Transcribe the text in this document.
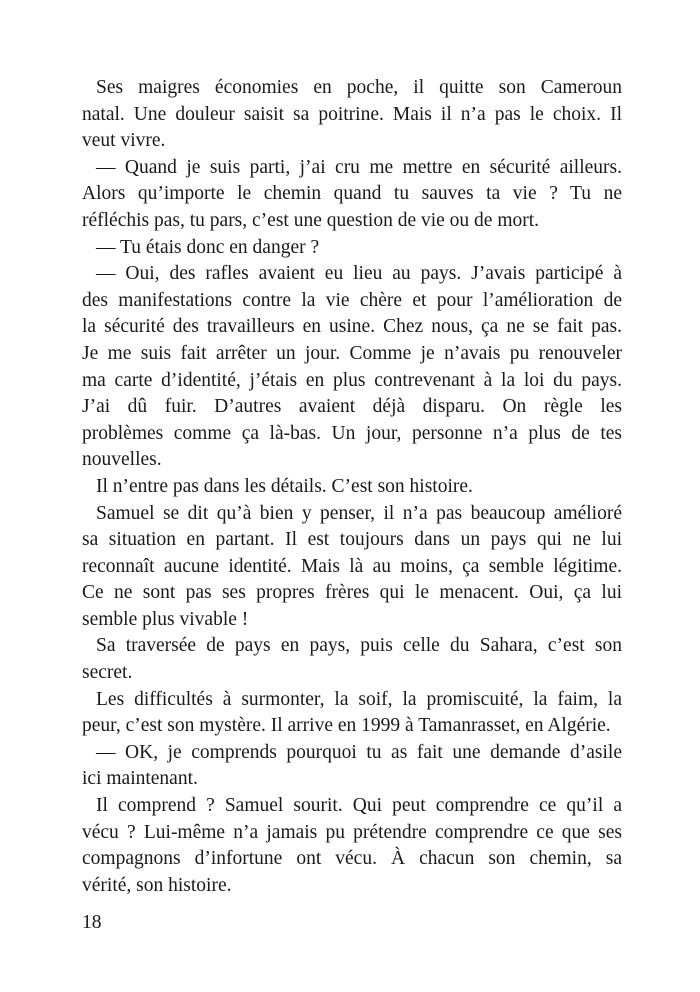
Ses maigres économies en poche, il quitte son Cameroun
natal. Une douleur saisit sa poitrine. Mais il n’a pas le choix. Il
veut vivre.
— Quand je suis parti, j’ai cru me mettre en sécurité ailleurs.
Alors qu’importe le chemin quand tu sauves ta vie ? Tu ne
réfléchis pas, tu pars, c’est une question de vie ou de mort.
— Tu étais donc en danger ?
— Oui, des rafles avaient eu lieu au pays. J’avais participé à
des manifestations contre la vie chère et pour l’amélioration de
la sécurité des travailleurs en usine. Chez nous, ça ne se fait pas.
Je me suis fait arrêter un jour. Comme je n’avais pu renouveler
ma carte d’identité, j’étais en plus contrevenant à la loi du pays.
J’ai dû fuir. D’autres avaient déjà disparu. On règle les
problèmes comme ça là-bas. Un jour, personne n’a plus de tes
nouvelles.
Il n’entre pas dans les détails. C’est son histoire.
Samuel se dit qu’à bien y penser, il n’a pas beaucoup amélioré
sa situation en partant. Il est toujours dans un pays qui ne lui
reconnaît aucune identité. Mais là au moins, ça semble légitime.
Ce ne sont pas ses propres frères qui le menacent. Oui, ça lui
semble plus vivable !
Sa traversée de pays en pays, puis celle du Sahara, c’est son
secret.
Les difficultés à surmonter, la soif, la promiscuité, la faim, la
peur, c’est son mystère. Il arrive en 1999 à Tamanrasset, en Algérie.
— OK, je comprends pourquoi tu as fait une demande d’asile
ici maintenant.
Il comprend ? Samuel sourit. Qui peut comprendre ce qu’il a
vécu ? Lui-même n’a jamais pu prétendre comprendre ce que ses
compagnons d’infortune ont vécu. À chacun son chemin, sa
vérité, son histoire.
18
